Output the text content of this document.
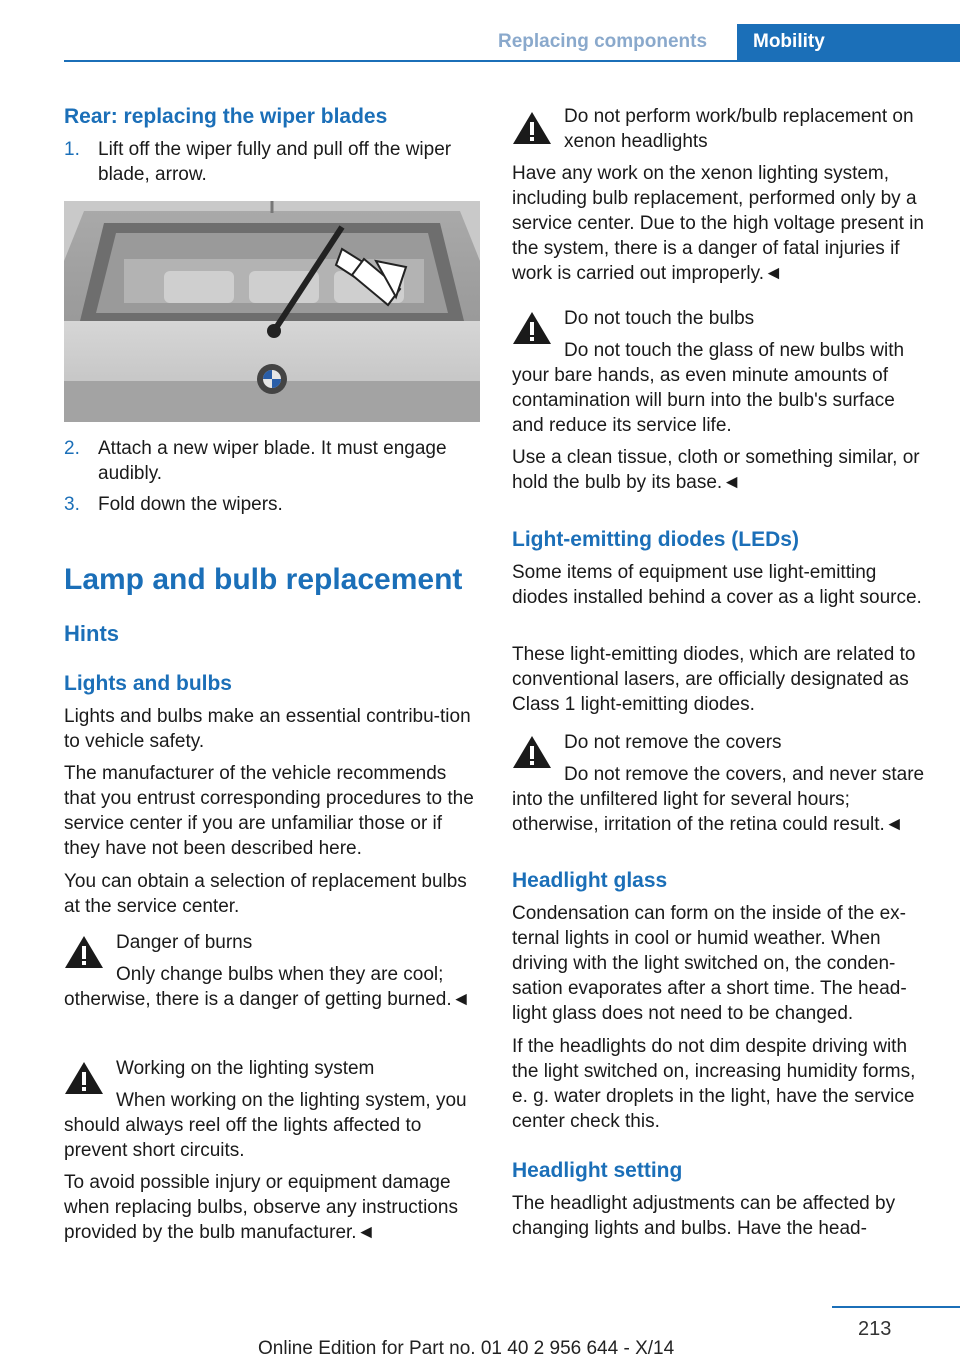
Replacing components Mobility
Rear: replacing the wiper blades
1. Lift off the wiper fully and pull off the wiper blade, arrow.
2. Attach a new wiper blade. It must engage audibly.
3. Fold down the wipers.
Lamp and bulb replacement
Hints
Lights and bulbs

Lights and bulbs make an essential contribu-tion to vehicle safety.

The manufacturer of the vehicle recommends that you entrust corresponding procedures to the service center if you are unfamiliar those or if they have not been described here.

You can obtain a selection of replacement bulbs at the service center.

Danger of burns

Only change bulbs when they are cool; otherwise, there is a danger of getting burned.◄

Working on the lighting system

When working on the lighting system, you should always reel off the lights affected to prevent short circuits.

To avoid possible injury or equipment damage when replacing bulbs, observe any instructions provided by the bulb manufacturer.◄

Do not perform work/bulb replacement on xenon headlights

Have any work on the xenon lighting system, including bulb replacement, performed only by a service center. Due to the high voltage present in the system, there is a danger of fatal injuries if work is carried out improperly.◄

Do not touch the bulbs

Do not touch the glass of new bulbs with your bare hands, as even minute amounts of contamination will burn into the bulb's surface and reduce its service life.

Use a clean tissue, cloth or something similar, or hold the bulb by its base.◄

Light-emitting diodes (LEDs)

Some items of equipment use light-emitting diodes installed behind a cover as a light source.

These light-emitting diodes, which are related to conventional lasers, are officially designated as Class 1 light-emitting diodes.

Do not remove the covers

Do not remove the covers, and never stare into the unfiltered light for several hours; otherwise, irritation of the retina could result.◄

Headlight glass

Condensation can form on the inside of the ex-ternal lights in cool or humid weather. When driving with the light switched on, the conden-sation evaporates after a short time. The head-light glass does not need to be changed.

If the headlights do not dim despite driving with the light switched on, increasing humidity forms, e. g. water droplets in the light, have the service center check this.

Headlight setting

The headlight adjustments can be affected by changing lights and bulbs. Have the head-

213
Online Edition for Part no. 01 40 2 956 644 - X/14
